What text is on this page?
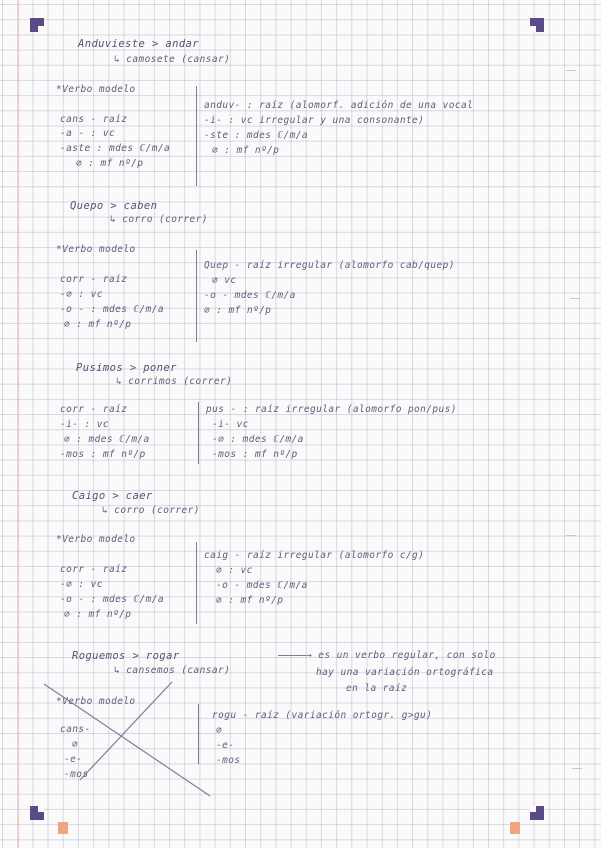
Anduvieste > andar
↳ camosete (cansar)
*Verbo modelo
cans - raíz
-a - : vc
-aste : mdes ℂ/m/a
∅ : mf nº/p
anduv- : raíz (alomorf. adición de una vocal
-i- : vc irregular y una consonante)
-ste : mdes ℂ/m/a
∅ : mf nº/p
Quepo > caben
↳ corro (correr)
*Verbo modelo
corr - raíz
-∅ : vc
-o - : mdes ℂ/m/a
∅ : mf nº/p
Quep - raíz irregular (alomorfo cab/quep)
∅ vc
-o - mdes ℂ/m/a
∅ : mf nº/p
Pusimos > poner
↳ corrimos (correr)
corr - raíz
-i- : vc
∅ : mdes ℂ/m/a
-mos : mf nº/p
pus - : raíz irregular (alomorfo pon/pus)
-i- vc
-∅ : mdes ℂ/m/a
-mos : mf nº/p
Caigo > caer
↳ corro (correr)
*Verbo modelo
corr - raíz
-∅ : vc
-o - : mdes ℂ/m/a
∅ : mf nº/p
caig - raíz irregular (alomorfo c/g)
∅ : vc
-o - mdes ℂ/m/a
∅ : mf nº/p
Roguemos > rogar
↳ cansemos (cansar)
→ es un verbo regular, con solo
hay una variación ortográfica
en la raíz
*Verbo modelo
cans-
∅
-e-
-mos
rogu - raíz (variación ortogr. g>gu)
∅
-e-
-mos
